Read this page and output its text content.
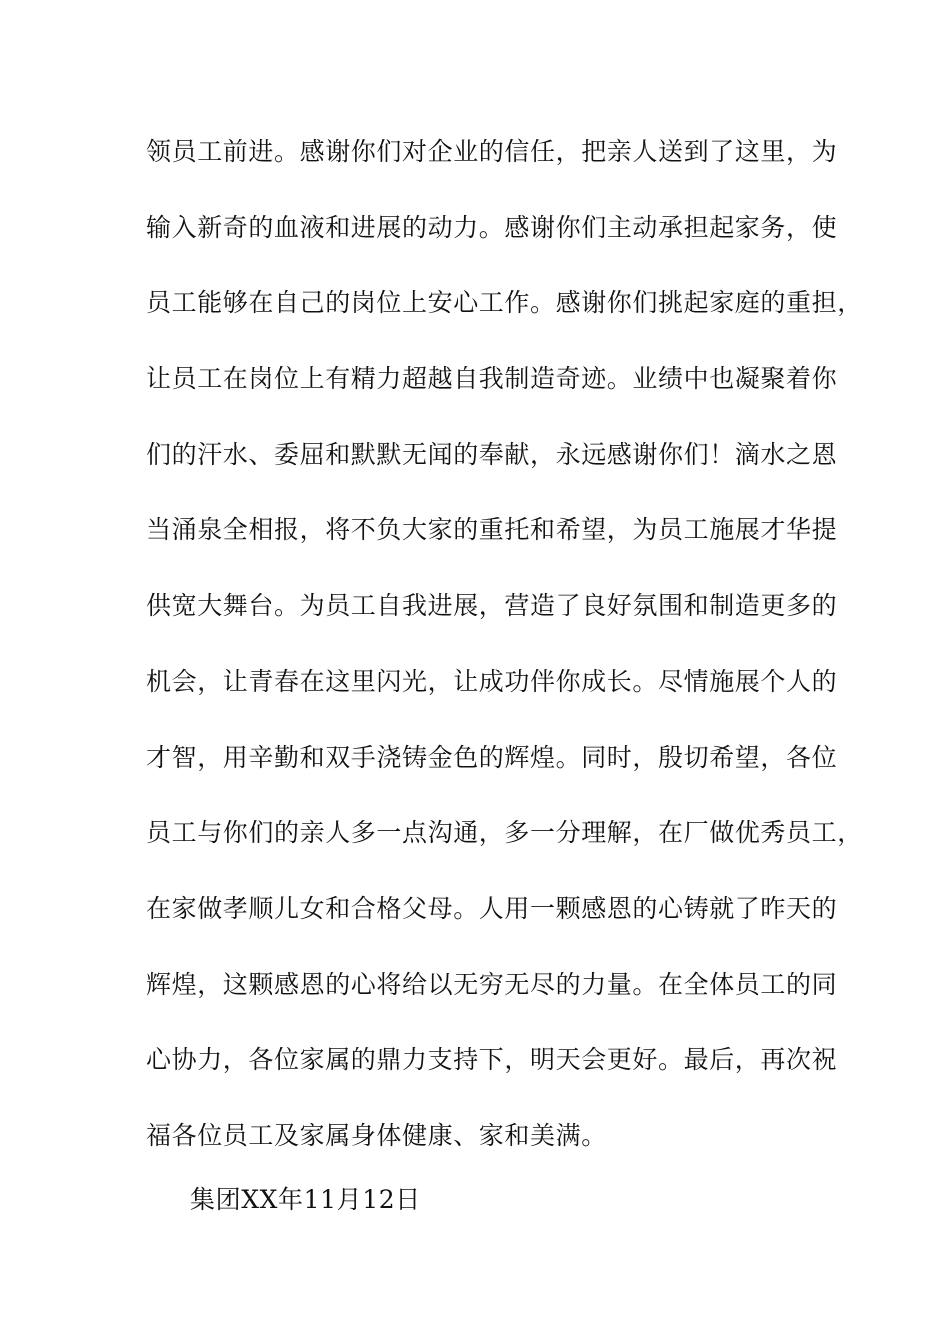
领员工前进。感谢你们对企业的信任，把亲人送到了这里，为
输入新奇的血液和进展的动力。感谢你们主动承担起家务，使
员工能够在自己的岗位上安心工作。感谢你们挑起家庭的重担，
让员工在岗位上有精力超越自我制造奇迹。业绩中也凝聚着你
们的汗水、委屈和默默无闻的奉献，永远感谢你们！滴水之恩
当涌泉全相报，将不负大家的重托和希望，为员工施展才华提
供宽大舞台。为员工自我进展，营造了良好氛围和制造更多的
机会，让青春在这里闪光，让成功伴你成长。尽情施展个人的
才智，用辛勤和双手浇铸金色的辉煌。同时，殷切希望，各位
员工与你们的亲人多一点沟通，多一分理解，在厂做优秀员工，
在家做孝顺儿女和合格父母。人用一颗感恩的心铸就了昨天的
辉煌，这颗感恩的心将给以无穷无尽的力量。在全体员工的同
心协力，各位家属的鼎力支持下，明天会更好。最后，再次祝
福各位员工及家属身体健康、家和美满。
集团XX年11月12日
